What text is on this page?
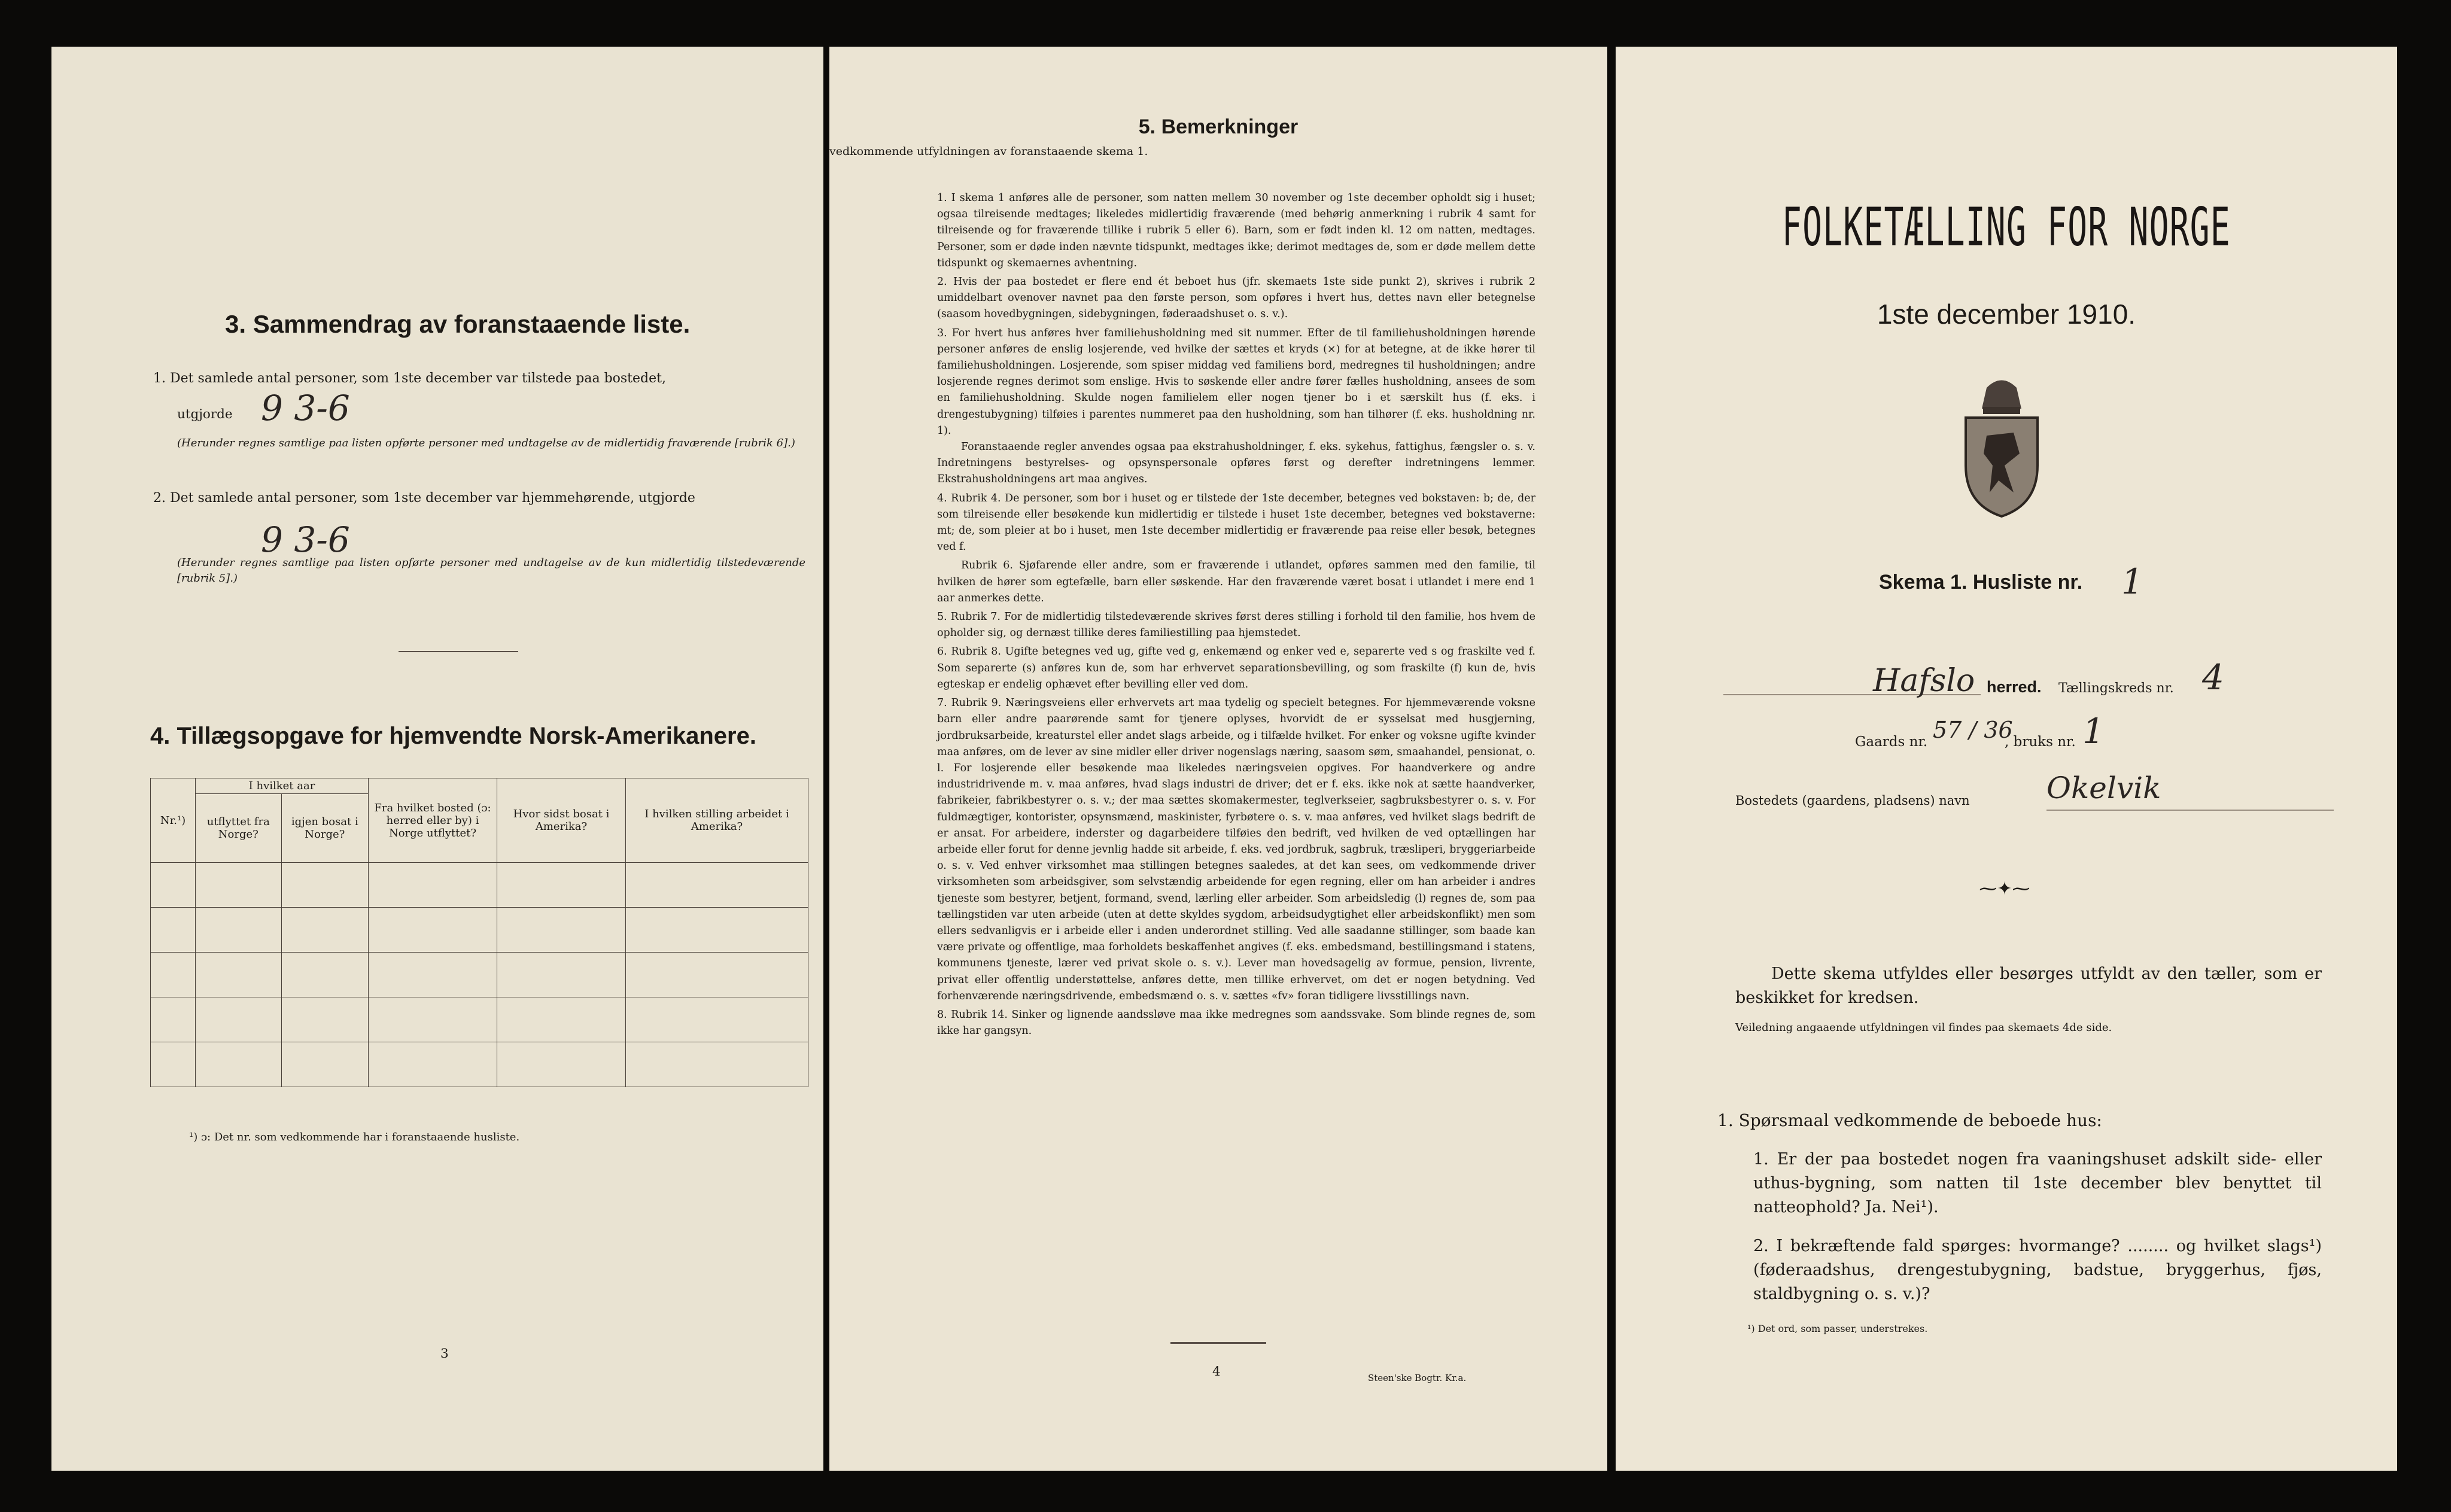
3. Sammendrag av foranstaaende liste.
1. Det samlede antal personer, som 1ste december var tilstede paa bostedet,
utgjorde 9 3-6
(Herunder regnes samtlige paa listen opførte personer med undtagelse av de midlertidig fraværende [rubrik 6].)
2. Det samlede antal personer, som 1ste december var hjemmehørende, utgjorde
9 3-6
(Herunder regnes samtlige paa listen opførte personer med undtagelse av de kun midlertidig tilstedeværende [rubrik 5].)
4. Tillægsopgave for hjemvendte Norsk-Amerikanere.
Nr.¹)	I hvilket aar		Fra hvilket bosted (ɔ: herred eller by) i Norge utflyttet?	Hvor sidst bosat i Amerika?	I hvilken stilling arbeidet i Amerika?
	utflyttet fra Norge?	igjen bosat i Norge?			

¹) ɔ: Det nr. som vedkommende har i foranstaaende husliste.
3
5. Bemerkninger
vedkommende utfyldningen av foranstaaende skema 1.

1. I skema 1 anføres alle de personer, som natten mellem 30 november og 1ste december opholdt sig i huset; ogsaa tilreisende medtages; likeledes midlertidig fraværende (med behørig anmerkning i rubrik 4 samt for tilreisende og for fraværende tillike i rubrik 5 eller 6). Barn, som er født inden kl. 12 om natten, medtages. Personer, som er døde inden nævnte tidspunkt, medtages ikke; derimot medtages de, som er døde mellem dette tidspunkt og skemaernes avhentning.

2. Hvis der paa bostedet er flere end ét beboet hus (jfr. skemaets 1ste side punkt 2), skrives i rubrik 2 umiddelbart ovenover navnet paa den første person, som opføres i hvert hus, dettes navn eller betegnelse (saasom hovedbygningen, sidebygningen, føderaadshuset o. s. v.).

3. For hvert hus anføres hver familiehusholdning med sit nummer. Efter de til familiehusholdningen hørende personer anføres de enslig losjerende, ved hvilke der sættes et kryds (×) for at betegne, at de ikke hører til familiehusholdningen. Losjerende, som spiser middag ved familiens bord, medregnes til husholdningen; andre losjerende regnes derimot som enslige. Hvis to søskende eller andre fører fælles husholdning, ansees de som en familiehusholdning. Skulde nogen familielem eller nogen tjener bo i et særskilt hus (f. eks. i drengestubygning) tilføies i parentes nummeret paa den husholdning, som han tilhører (f. eks. husholdning nr. 1).

Foranstaaende regler anvendes ogsaa paa ekstrahusholdninger, f. eks. sykehus, fattighus, fængsler o. s. v. Indretningens bestyrelses- og opsynspersonale opføres først og derefter indretningens lemmer. Ekstrahusholdningens art maa angives.

4. Rubrik 4. De personer, som bor i huset og er tilstede der 1ste december, betegnes ved bokstaven: b; de, der som tilreisende eller besøkende kun midlertidig er tilstede i huset 1ste december, betegnes ved bokstaverne: mt; de, som pleier at bo i huset, men 1ste december midlertidig er fraværende paa reise eller besøk, betegnes ved f.

Rubrik 6. Sjøfarende eller andre, som er fraværende i utlandet, opføres sammen med den familie, til hvilken de hører som egtefælle, barn eller søskende. Har den fraværende været bosat i utlandet i mere end 1 aar anmerkes dette.

5. Rubrik 7. For de midlertidig tilstedeværende skrives først deres stilling i forhold til den familie, hos hvem de opholder sig, og dernæst tillike deres familiestilling paa hjemstedet.

6. Rubrik 8. Ugifte betegnes ved ug, gifte ved g, enkemænd og enker ved e, separerte ved s og fraskilte ved f. Som separerte (s) anføres kun de, som har erhvervet separationsbevilling, og som fraskilte (f) kun de, hvis egteskap er endelig ophævet efter bevilling eller ved dom.

7. Rubrik 9. Næringsveiens eller erhvervets art maa tydelig og specielt betegnes. For hjemmeværende voksne barn eller andre paarørende samt for tjenere oplyses, hvorvidt de er sysselsat med husgjerning, jordbruksarbeide, kreaturstel eller andet slags arbeide, og i tilfælde hvilket. For enker og voksne ugifte kvinder maa anføres, om de lever av sine midler eller driver nogenslags næring, saasom søm, smaahandel, pensionat, o. l. For losjerende eller besøkende maa likeledes næringsveien opgives. For haandverkere og andre industridrivende m. v. maa anføres, hvad slags industri de driver; det er f. eks. ikke nok at sætte haandverker, fabrikeier, fabrikbestyrer o. s. v.; der maa sættes skomakermester, teglverkseier, sagbruksbestyrer o. s. v. For fuldmægtiger, kontorister, opsynsmænd, maskinister, fyrbøtere o. s. v. maa anføres, ved hvilket slags bedrift de er ansat. For arbeidere, inderster og dagarbeidere tilføies den bedrift, ved hvilken de ved optællingen har arbeide eller forut for denne jevnlig hadde sit arbeide, f. eks. ved jordbruk, sagbruk, træsliperi, bryggeriarbeide o. s. v. Ved enhver virksomhet maa stillingen betegnes saaledes, at det kan sees, om vedkommende driver virksomheten som arbeidsgiver, som selvstændig arbeidende for egen regning, eller om han arbeider i andres tjeneste som bestyrer, betjent, formand, svend, lærling eller arbeider. Som arbeidsledig (l) regnes de, som paa tællingstiden var uten arbeide (uten at dette skyldes sygdom, arbeidsudygtighet eller arbeidskonflikt) men som ellers sedvanligvis er i arbeide eller i anden underordnet stilling. Ved alle saadanne stillinger, som baade kan være private og offentlige, maa forholdets beskaffenhet angives (f. eks. embedsmand, bestillingsmand i statens, kommunens tjeneste, lærer ved privat skole o. s. v.). Lever man hovedsagelig av formue, pension, livrente, privat eller offentlig understøttelse, anføres dette, men tillike erhvervet, om det er nogen betydning. Ved forhenværende næringsdrivende, embedsmænd o. s. v. sættes «fv» foran tidligere livsstillings navn.

8. Rubrik 14. Sinker og lignende aandssløve maa ikke medregnes som aandssvake. Som blinde regnes de, som ikke har gangsyn.

4	Steen'ske Bogtr. Kr.a.
FOLKETÆLLING FOR NORGE
1ste december 1910.
Skema 1. Husliste nr.	1
Hafslo herred.	Tællingskreds nr. 4
Gaards nr. 57 / 36
, bruks nr. 1
Bostedets (gaardens, pladsens) navn	Okelvik
⁓✦⁓
Dette skema utfyldes eller besørges utfyldt av den tæller, som er beskikket for kredsen.
Veiledning angaaende utfyldningen vil findes paa skemaets 4de side.
1. Spørsmaal vedkommende de beboede hus:
1. Er der paa bostedet nogen fra vaaningshuset adskilt side- eller uthus-bygning, som natten til 1ste december blev benyttet til natteophold? Ja. Nei¹).
2. I bekræftende fald spørges: hvormange? ........ og hvilket slags¹) (føderaadshus, drengestubygning, badstue, bryggerhus, fjøs, staldbygning o. s. v.)?
¹) Det ord, som passer, understrekes.
